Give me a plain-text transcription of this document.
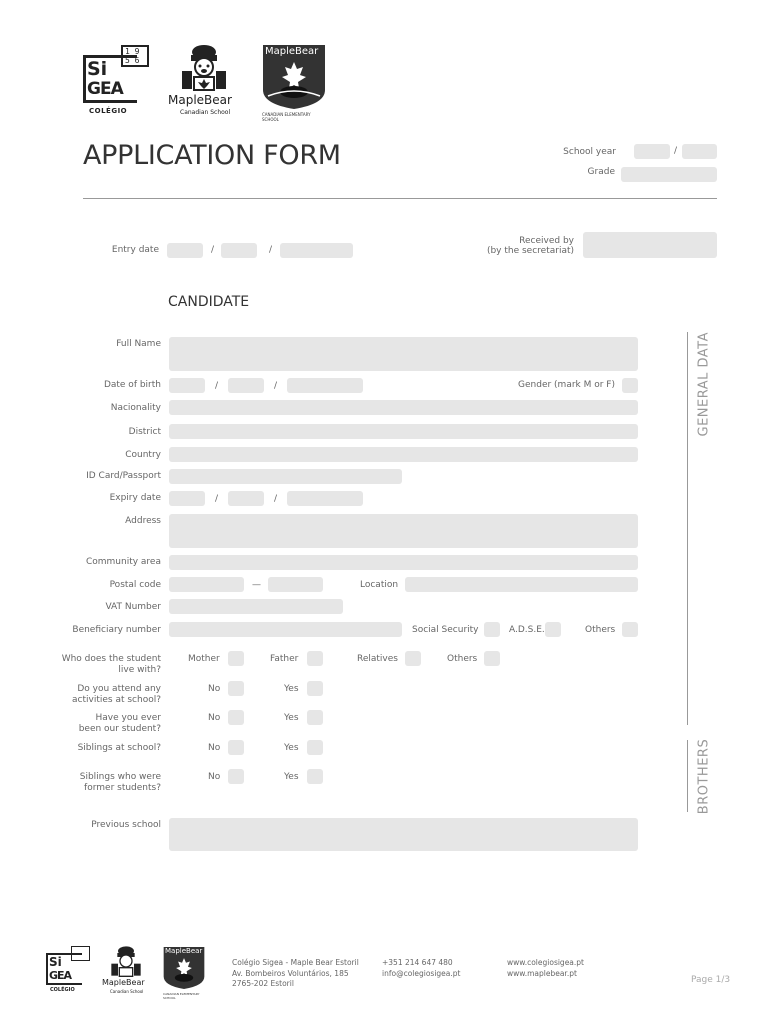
1 9
5 6
Si
GEA
COLÉGIO
MapleBear
Canadian School
MapleBear
CANADIAN ELEMENTARY SCHOOL
APPLICATION FORM	School year	/
Grade
Entry date	/	/
Received by
(by the secretariat)
CANDIDATE
Full Name
Date of birth	/	/	Gender (mark M or F)
Nacionality
District
Country
ID Card/Passport
Expiry date	/	/
Address
Community area
Postal code	—	Location
VAT Number
Beneficiary number	Social Security	A.D.S.E.	Others
Who does the student
live with?
Mother	Father	Relatives	Others
Do you attend any
activities at school?
No	Yes
Have you ever
been our student?
No	Yes
Siblings at school?	No	Yes
Siblings who were
former students?
No	Yes
Previous school
GENERAL DATA
BROTHERS
Si
GEA
COLÉGIO
MapleBear
Canadian School
MapleBear
CANADIAN ELEMENTARY SCHOOL
Colégio Sigea - Maple Bear Estoril
Av. Bombeiros Voluntários, 185
2765-202 Estoril
+351 214 647 480
info@colegiosigea.pt
www.colegiosigea.pt
www.maplebear.pt
Page 1/3
